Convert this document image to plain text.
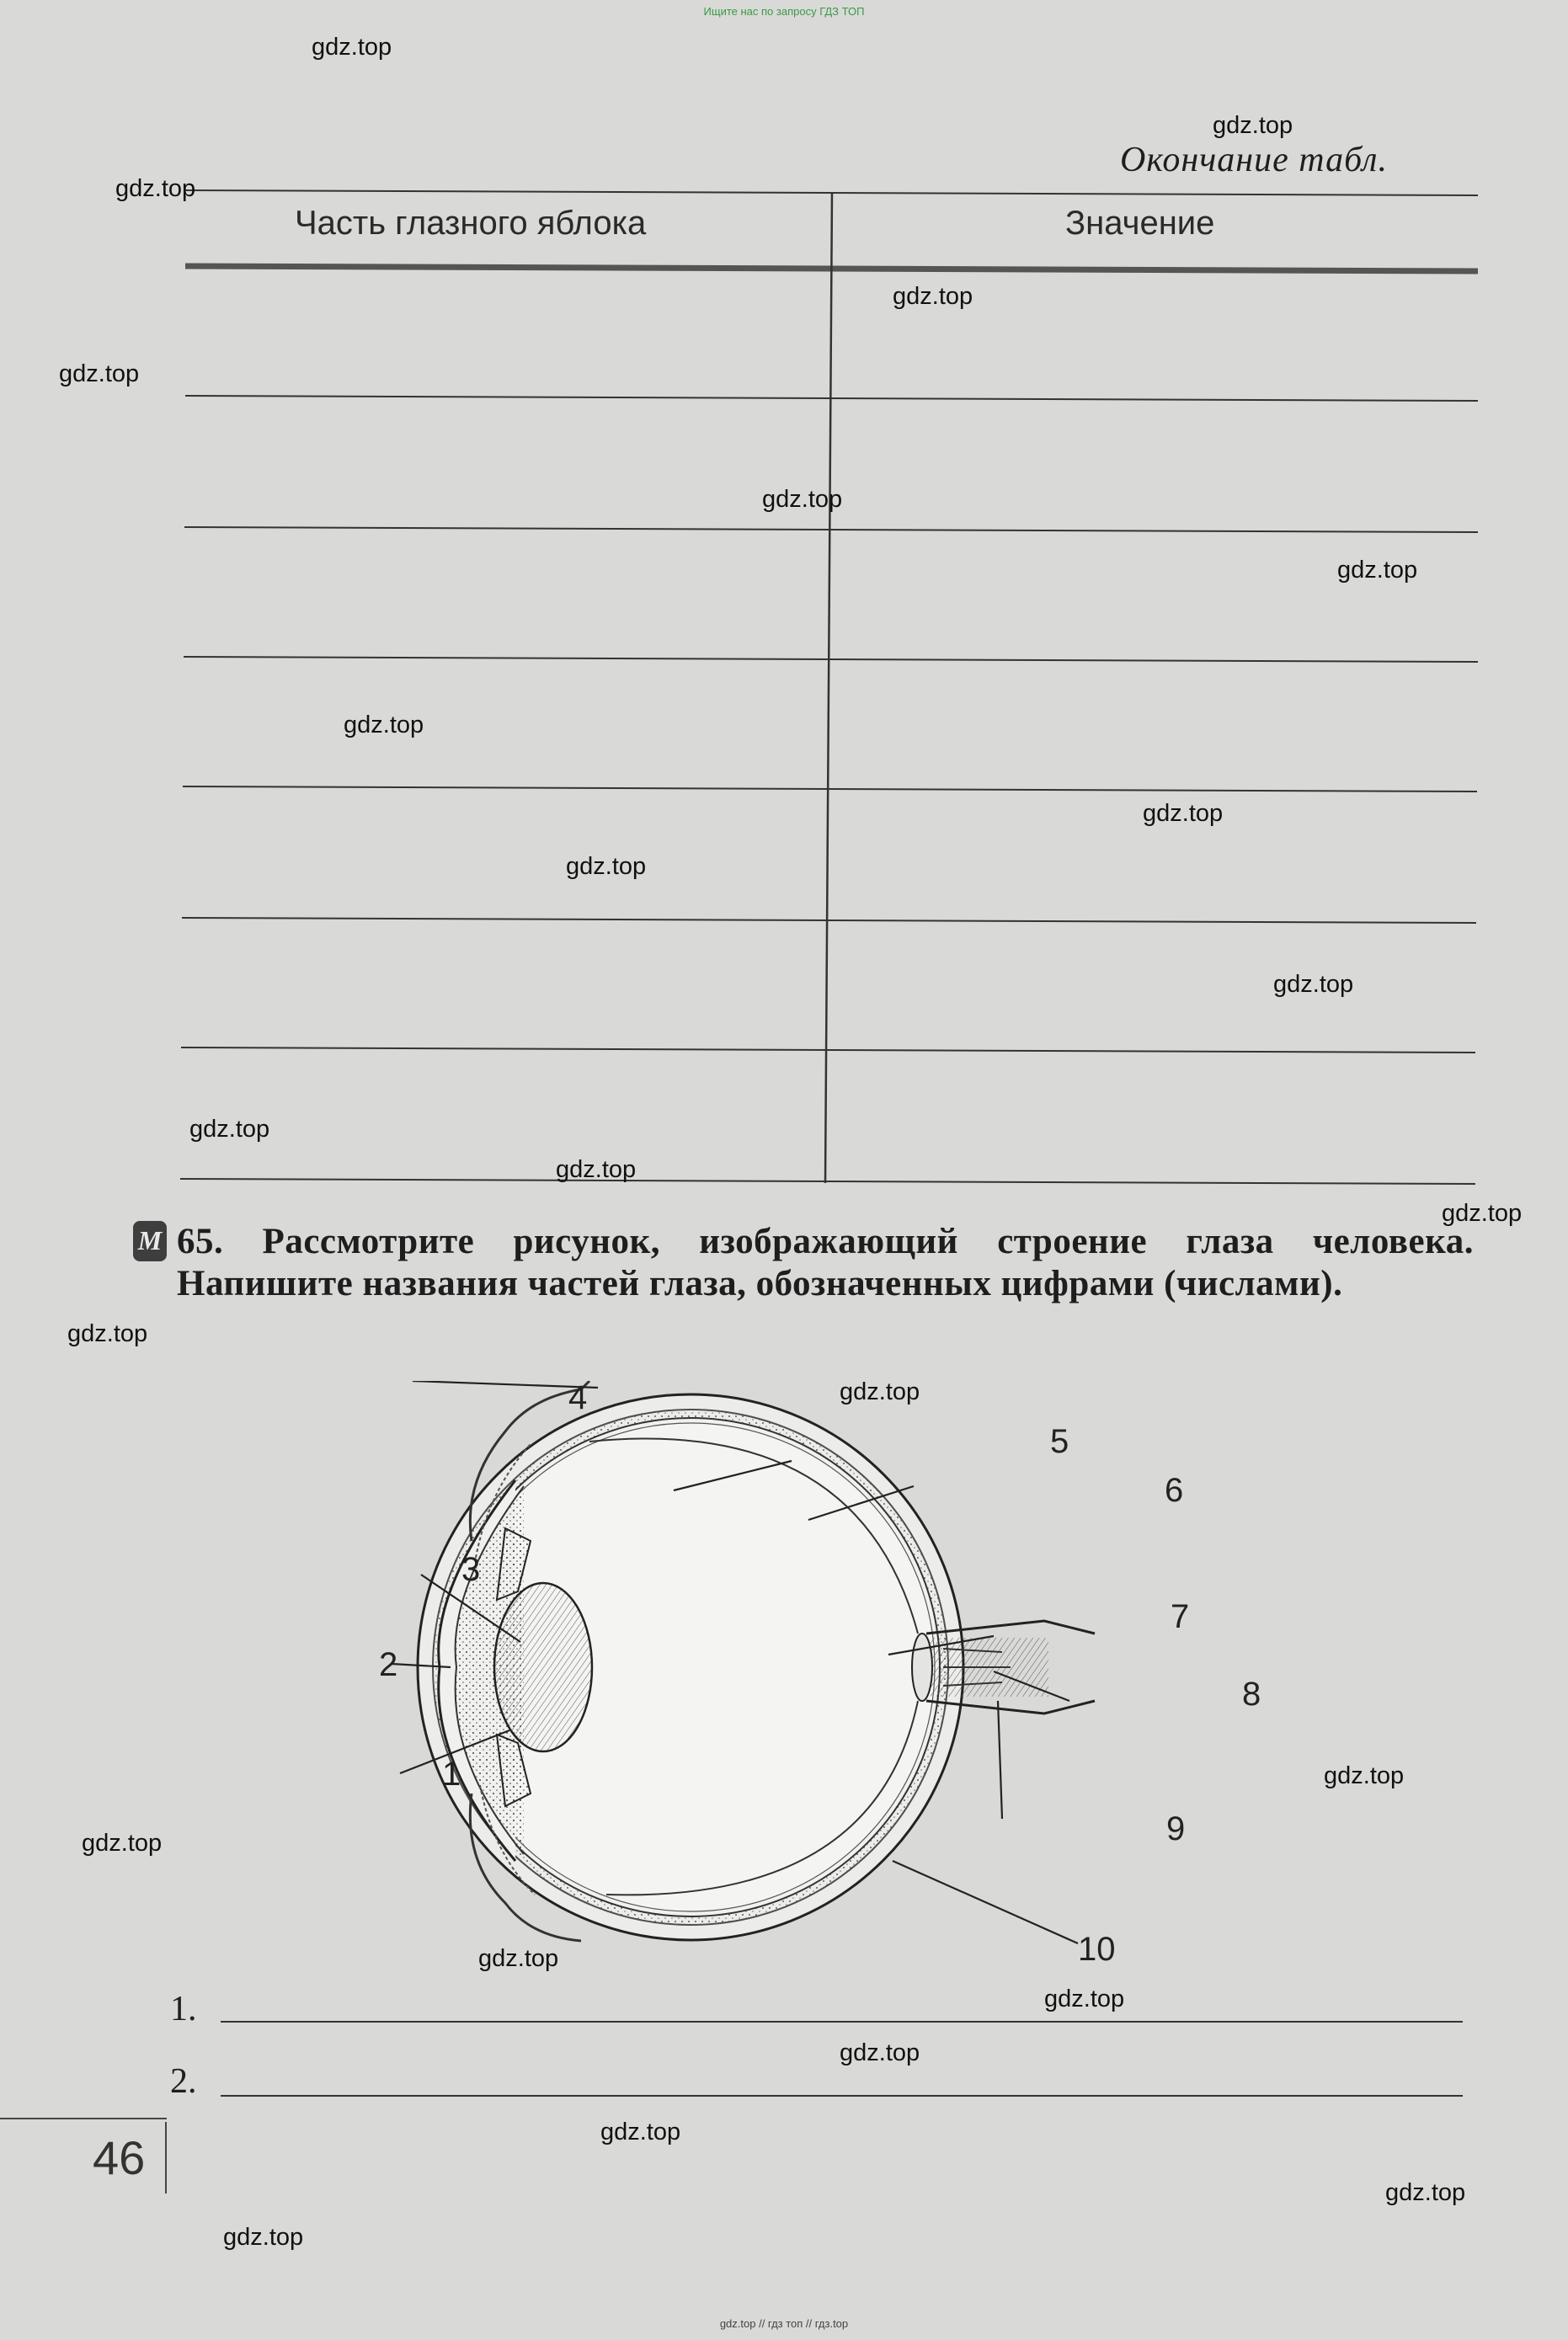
Ищите нас по запросу ГДЗ ТОП
gdz.top // гдз топ // гдз.top
Окончание табл.
Часть глазного яблока	Значение
М 65. Рассмотрите рисунок, изображающий строение глаза человека. Напишите названия частей глаза, обозначенных цифрами (числами).
4
5
6
3
7
2
8
1
9
10
1.
2.
46
gdz.top
gdz.top
gdz.top
gdz.top
gdz.top
gdz.top
gdz.top
gdz.top
gdz.top
gdz.top
gdz.top
gdz.top
gdz.top
gdz.top
gdz.top
gdz.top
gdz.top
gdz.top
gdz.top
gdz.top
gdz.top
gdz.top
gdz.top
gdz.top
